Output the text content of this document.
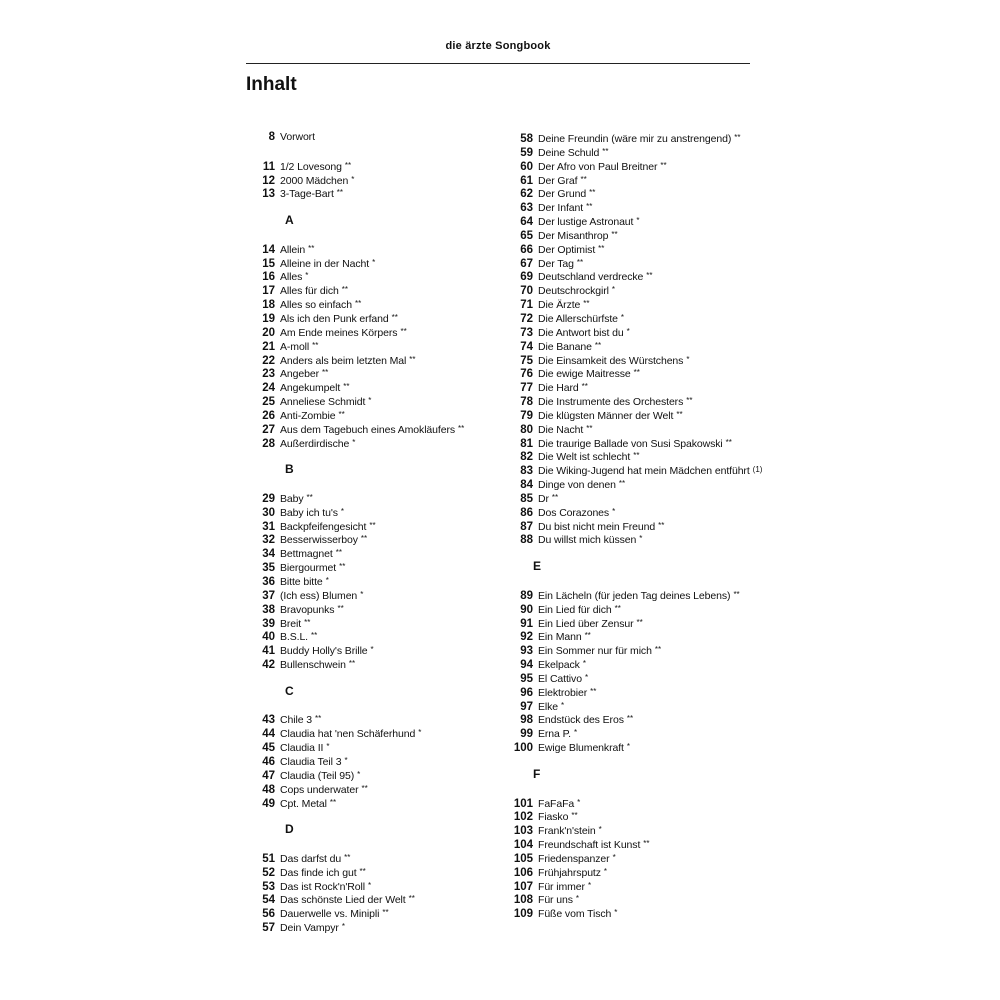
die ärzte Songbook
Inhalt
8 Vorwort
11 1/2 Lovesong **
12 2000 Mädchen *
13 3-Tage-Bart **
A
14 Allein **
15 Alleine in der Nacht *
16 Alles *
17 Alles für dich **
18 Alles so einfach **
19 Als ich den Punk erfand **
20 Am Ende meines Körpers **
21 A-moll **
22 Anders als beim letzten Mal **
23 Angeber **
24 Angekumpelt **
25 Anneliese Schmidt *
26 Anti-Zombie **
27 Aus dem Tagebuch eines Amokläufers **
28 Außerdirdische *
B
29 Baby **
30 Baby ich tu's *
31 Backpfeifengesicht **
32 Besserwisserboy **
34 Bettmagnet **
35 Biergourmet **
36 Bitte bitte *
37 (Ich ess) Blumen *
38 Bravopunks **
39 Breit **
40 B.S.L. **
41 Buddy Holly's Brille *
42 Bullenschwein **
C
43 Chile 3 **
44 Claudia hat 'nen Schäferhund *
45 Claudia II *
46 Claudia Teil 3 *
47 Claudia (Teil 95) *
48 Cops underwater **
49 Cpt. Metal **
D
51 Das darfst du **
52 Das finde ich gut **
53 Das ist Rock'n'Roll *
54 Das schönste Lied der Welt **
56 Dauerwelle vs. Minipli **
57 Dein Vampyr *
58 Deine Freundin (wäre mir zu anstrengend) **
59 Deine Schuld **
60 Der Afro von Paul Breitner **
61 Der Graf **
62 Der Grund **
63 Der Infant **
64 Der lustige Astronaut *
65 Der Misanthrop **
66 Der Optimist **
67 Der Tag **
69 Deutschland verdrecke **
70 Deutschrockgirl *
71 Die Ärzte **
72 Die Allerschürfste *
73 Die Antwort bist du *
74 Die Banane **
75 Die Einsamkeit des Würstchens *
76 Die ewige Maitresse **
77 Die Hard **
78 Die Instrumente des Orchesters **
79 Die klügsten Männer der Welt **
80 Die Nacht **
81 Die traurige Ballade von Susi Spakowski **
82 Die Welt ist schlecht **
83 Die Wiking-Jugend hat mein Mädchen entführt (1)
84 Dinge von denen **
85 Dr **
86 Dos Corazones *
87 Du bist nicht mein Freund **
88 Du willst mich küssen *
E
89 Ein Lächeln (für jeden Tag deines Lebens) **
90 Ein Lied für dich **
91 Ein Lied über Zensur **
92 Ein Mann **
93 Ein Sommer nur für mich **
94 Ekelpack *
95 El Cattivo *
96 Elektrobier **
97 Elke *
98 Endstück des Eros **
99 Erna P. *
100 Ewige Blumenkraft *
F
101 FaFaFa *
102 Fiasko **
103 Frank'n'stein *
104 Freundschaft ist Kunst **
105 Friedenspanzer *
106 Frühjahrsputz *
107 Für immer *
108 Für uns *
109 Füße vom Tisch *
